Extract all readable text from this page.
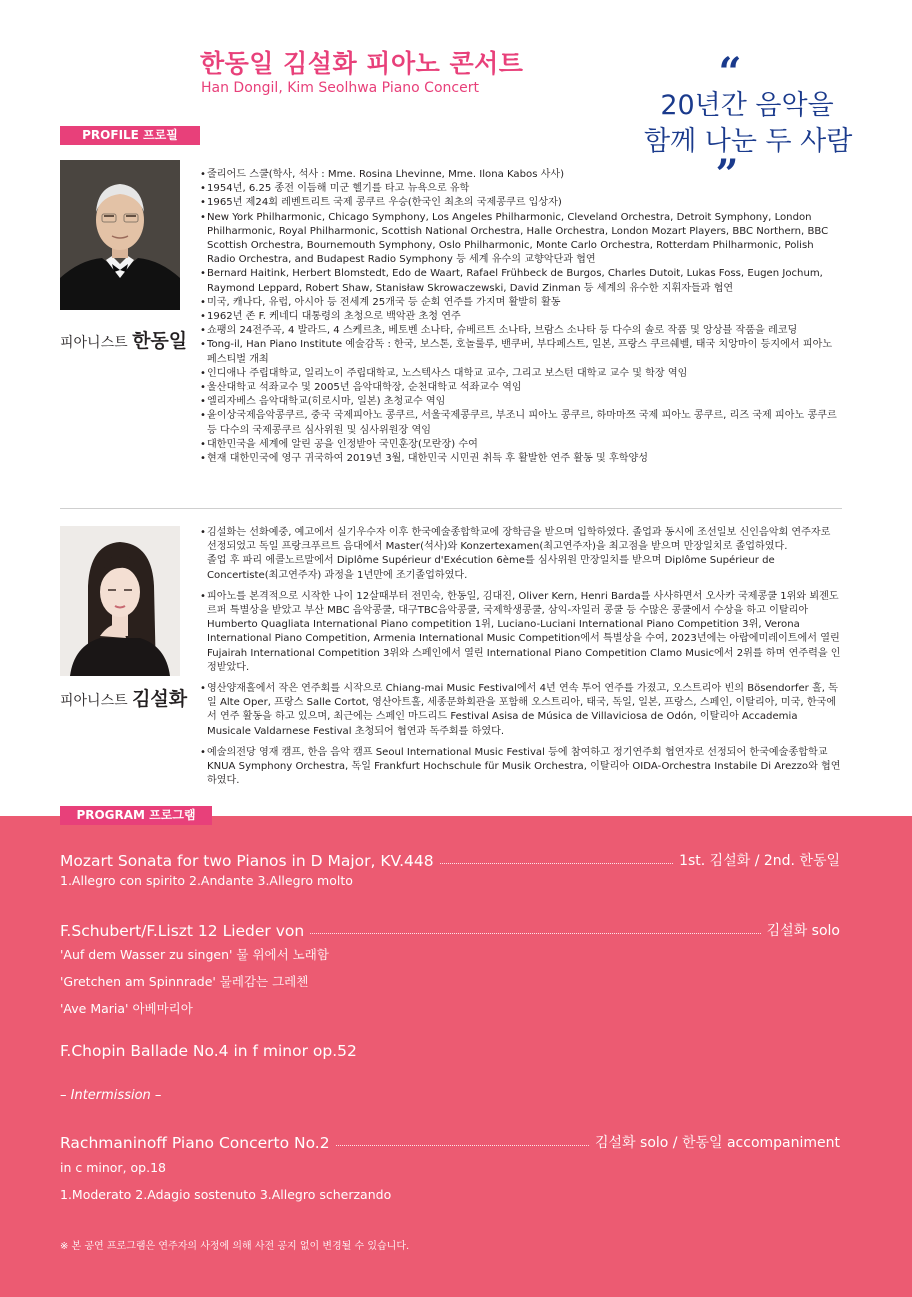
한동일 김설화 피아노 콘서트
Han Dongil, Kim Seolhwa Piano Concert	“
20년간 음악을
함께 나눈 두 사람
”
PROFILE 프로필
피아니스트 한동일
• 줄리어드 스쿨(학사, 석사 : Mme. Rosina Lhevinne, Mme. Ilona Kabos 사사)
• 1954년, 6.25 종전 이듬해 미군 헬기를 타고 뉴욕으로 유학
• 1965년 제24회 레벤트리트 국제 콩쿠르 우승(한국인 최초의 국제콩쿠르 입상자)
• New York Philharmonic, Chicago Symphony, Los Angeles Philharmonic, Cleveland Orchestra, Detroit Symphony, London Philharmonic, Royal Philharmonic, Scottish National Orchestra, Halle Orchestra, London Mozart Players, BBC Northern, BBC Scottish Orchestra, Bournemouth Symphony, Oslo Philharmonic, Monte Carlo Orchestra, Rotterdam Philharmonic, Polish Radio Orchestra, and Budapest Radio Symphony 등 세계 유수의 교향악단과 협연
• Bernard Haitink, Herbert Blomstedt, Edo de Waart, Rafael Frühbeck de Burgos, Charles Dutoit, Lukas Foss, Eugen Jochum, Raymond Leppard, Robert Shaw, Stanisław Skrowaczewski, David Zinman 등 세계의 유수한 지휘자들과 협연
• 미국, 캐나다, 유럽, 아시아 등 전세계 25개국 등 순회 연주를 가지며 활발히 활동
• 1962년 존 F. 케네디 대통령의 초청으로 백악관 초청 연주
• 쇼팽의 24전주곡, 4 발라드, 4 스케르초, 베토벤 소나타, 슈베르트 소나타, 브람스 소나타 등 다수의 솔로 작품 및 앙상블 작품을 레코딩
• Tong-il, Han Piano Institute 예술감독 : 한국, 보스톤, 호놀룰루, 밴쿠버, 부다페스트, 일본, 프랑스 쿠르쉐벨, 태국 치앙마이 등지에서 피아노 페스티벌 개최
• 인디애나 주립대학교, 일리노이 주립대학교, 노스텍사스 대학교 교수, 그리고 보스턴 대학교 교수 및 학장 역임
• 울산대학교 석좌교수 및 2005년 음악대학장, 순천대학교 석좌교수 역임
• 엘리자베스 음악대학교(히로시마, 일본) 초청교수 역임
• 윤이상국제음악콩쿠르, 중국 국제피아노 콩쿠르, 서울국제콩쿠르, 부조니 피아노 콩쿠르, 하마마쯔 국제 피아노 콩쿠르, 리즈 국제 피아노 콩쿠르 등 다수의 국제콩쿠르 심사위원 및 심사위원장 역임
• 대한민국을 세계에 알린 공을 인정받아 국민훈장(모란장) 수여
• 현재 대한민국에 영구 귀국하여 2019년 3월, 대한민국 시민권 취득 후 활발한 연주 활동 및 후학양성
피아니스트 김설화
• 김설화는 선화예중, 예고에서 실기우수자 이후 한국예술종합학교에 장학금을 받으며 입학하였다. 졸업과 동시에 조선일보 신인음악회 연주자로 선정되었고 독일 프랑크푸르트 음대에서 Master(석사)와 Konzertexamen(최고연주자)을 최고점을 받으며 만장일치로 졸업하였다.
졸업 후 파리 에콜노르말에서 Diplôme Supérieur d'Exécution 6ème를 심사위원 만장일치를 받으며 Diplôme Supérieur de Concertiste(최고연주자) 과정을 1년만에 조기졸업하였다.
• 피아노를 본격적으로 시작한 나이 12살때부터 전민숙, 한동일, 김대진, Oliver Kern, Henri Barda를 사사하면서 오사카 국제콩쿨 1위와 뵈젠도르퍼 특별상을 받았고 부산 MBC 음악콩쿨, 대구TBC음악콩쿨, 국제학생콩쿨, 삼익-자일러 콩쿨 등 수많은 콩쿨에서 수상을 하고 이탈리아 Humberto Quagliata International Piano competition 1위, Luciano-Luciani International Piano Competition 3위, Verona International Piano Competition, Armenia International Music Competition에서 특별상을 수여, 2023년에는 아랍에미레이트에서 열린 Fujairah International Competition 3위와 스페인에서 열린 International Piano Competition Clamo Music에서 2위를 하며 연주력을 인정받았다.
• 영산양재홀에서 작은 연주회를 시작으로 Chiang-mai Music Festival에서 4년 연속 투어 연주를 가졌고, 오스트리아 빈의 Bösendorfer 홀, 독일 Alte Oper, 프랑스 Salle Cortot, 영산아트홀, 세종문화회관을 포함해 오스트리아, 태국, 독일, 일본, 프랑스, 스페인, 이탈리아, 미국, 한국에서 연주 활동을 하고 있으며, 최근에는 스페인 마드리드 Festival Asisa de Música de Villaviciosa de Odón, 이탈리아 Accademia Musicale Valdarnese Festival 초청되어 협연과 독주회를 하였다.
• 예술의전당 영재 캠프, 한음 음악 캠프 Seoul International Music Festival 등에 참여하고 정기연주회 협연자로 선정되어 한국예술종합학교 KNUA Symphony Orchestra, 독일 Frankfurt Hochschule für Musik Orchestra, 이탈리아 OIDA-Orchestra Instabile Di Arezzo와 협연하였다.
Mozart Sonata for two Pianos in D Major, KV.448	1st. 김설화 / 2nd. 한동일
1.Allegro con spirito 2.Andante 3.Allegro molto
F.Schubert/F.Liszt 12 Lieder von	김설화 solo
'Auf dem Wasser zu singen' 물 위에서 노래함
'Gretchen am Spinnrade' 물레감는 그레첸
'Ave Maria' 아베마리아
F.Chopin Ballade No.4 in f minor op.52
– Intermission –
Rachmaninoff Piano Concerto No.2	김설화 solo / 한동일 accompaniment
in c minor, op.18
1.Moderato 2.Adagio sostenuto 3.Allegro scherzando
※ 본 공연 프로그램은 연주자의 사정에 의해 사전 공지 없이 변경될 수 있습니다.
PROGRAM 프로그램
